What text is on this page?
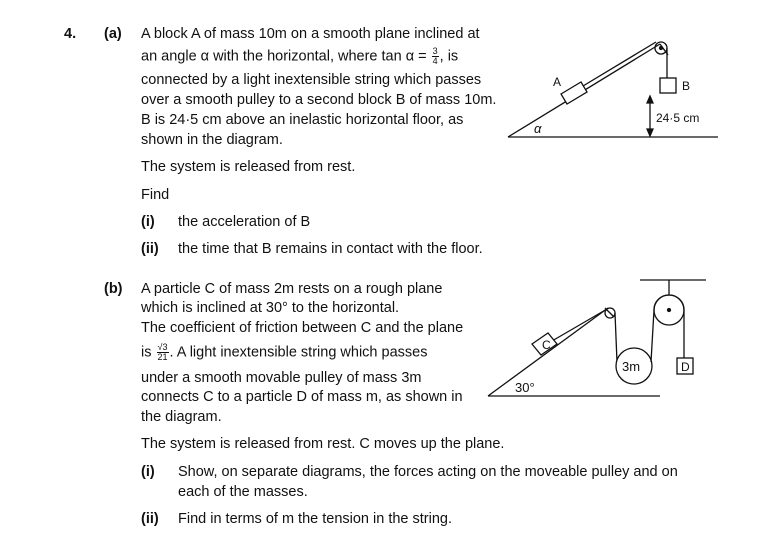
4. (a) A block A of mass 10m on a smooth plane inclined at
an angle α with the horizontal, where $\tan \alpha = \frac{3}{4}$ , is
connected by a light inextensible string which passes
over a smooth pulley to a second block B of mass 10m.
B is 24·5 cm above an inelastic horizontal floor, as
shown in the diagram.
The system is released from rest.
Find
(i) the acceleration of B
(ii) the time that B remains in contact with the floor.
(b) A particle C of mass 2m rests on a rough plane
which is inclined at 30° to the horizontal.
The coefficient of friction between C and the plane
is $\frac{√3}{21}$ . A light inextensible string which passes
under a smooth movable pulley of mass 3m
connects C to a particle D of mass m, as shown in
the diagram.
The system is released from rest. C moves up the plane.
(i) Show, on separate diagrams, the forces acting on the moveable pulley and on
each of the masses.
(ii) Find in terms of m the tension in the string.
A	B
α
24·5 cm
C
D
3m
30°
